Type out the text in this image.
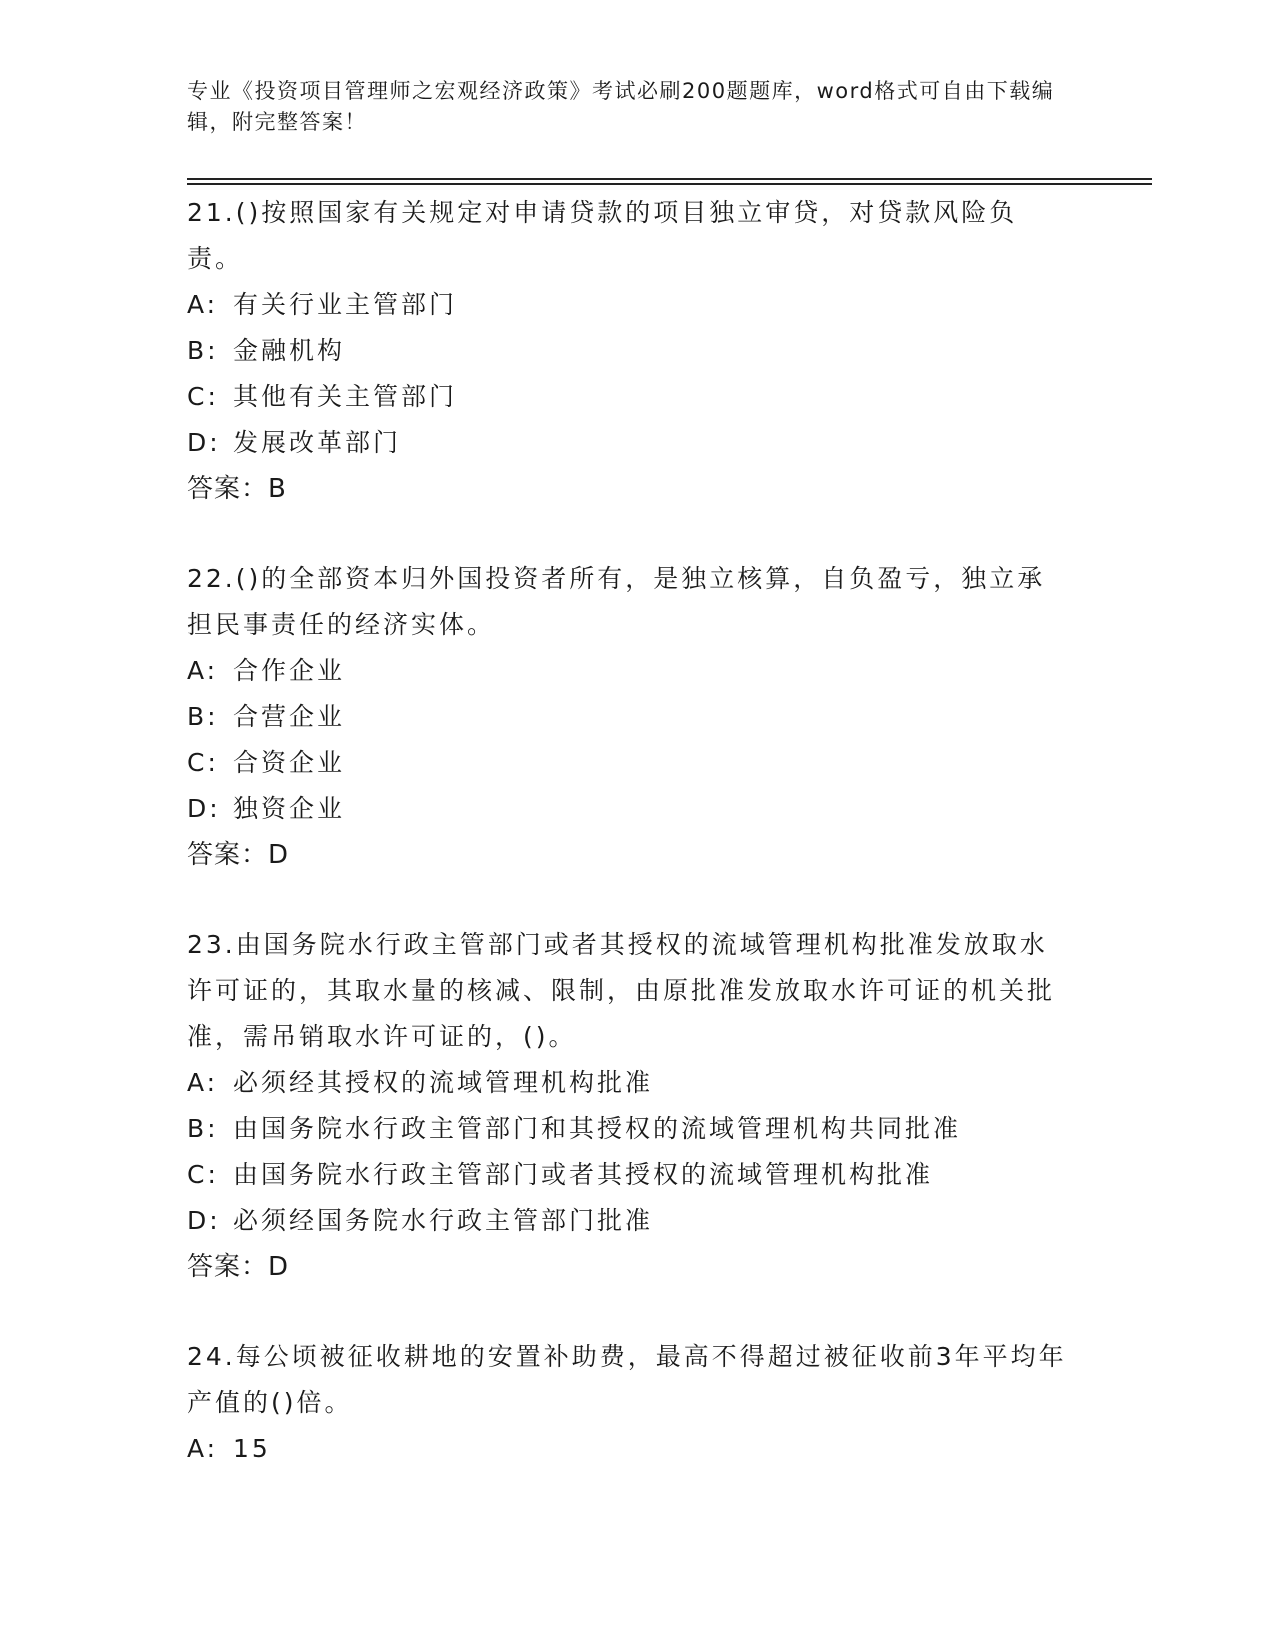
专业《投资项目管理师之宏观经济政策》考试必刷200题题库，word格式可自由下载编辑，附完整答案！

21.()按照国家有关规定对申请贷款的项目独立审贷，对贷款风险负责。

A: 有关行业主管部门

B: 金融机构

C: 其他有关主管部门

D: 发展改革部门

答案：B

22.()的全部资本归外国投资者所有，是独立核算，自负盈亏，独立承担民事责任的经济实体。

A: 合作企业

B: 合营企业

C: 合资企业

D: 独资企业

答案：D

23.由国务院水行政主管部门或者其授权的流域管理机构批准发放取水许可证的，其取水量的核减、限制，由原批准发放取水许可证的机关批准，需吊销取水许可证的，()。

A: 必须经其授权的流域管理机构批准

B: 由国务院水行政主管部门和其授权的流域管理机构共同批准

C: 由国务院水行政主管部门或者其授权的流域管理机构批准

D: 必须经国务院水行政主管部门批准

答案：D

24.每公顷被征收耕地的安置补助费，最高不得超过被征收前3年平均年产值的()倍。

A: 15
